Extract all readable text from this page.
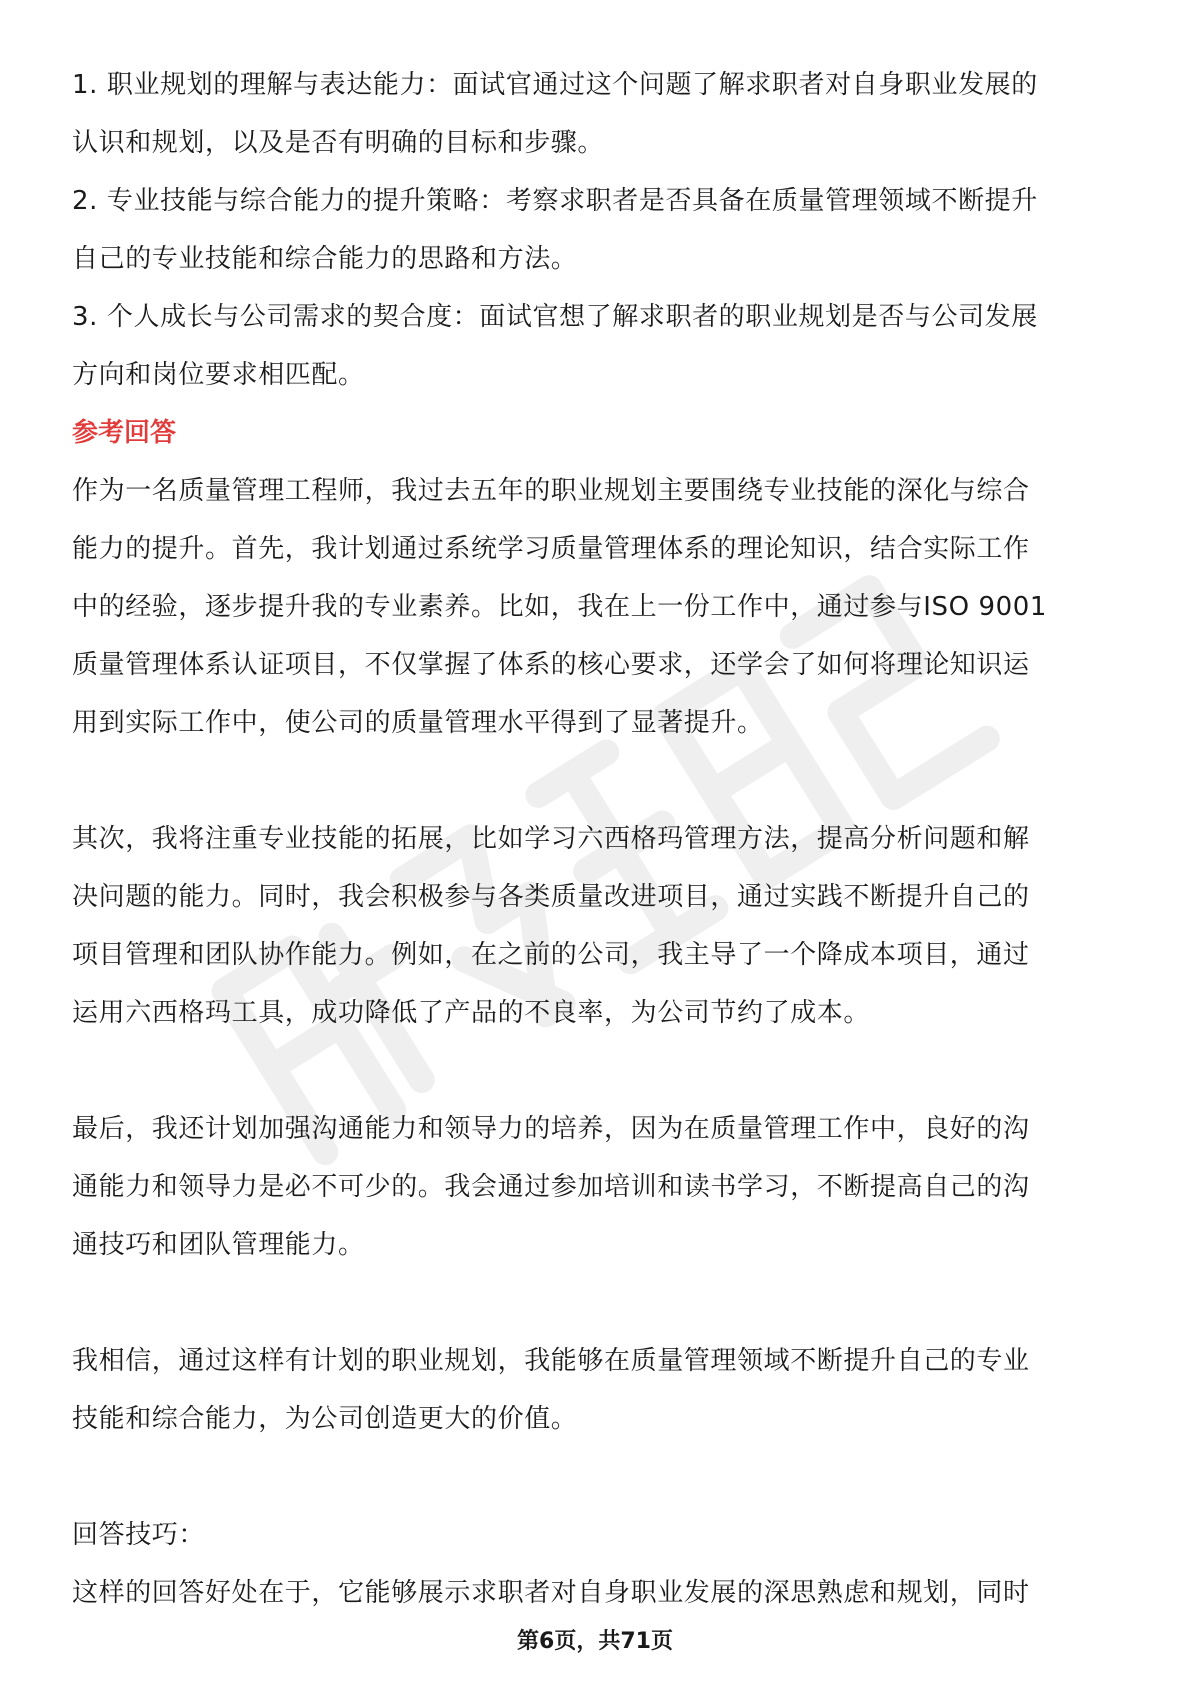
1. 职业规划的理解与表达能力：面试官通过这个问题了解求职者对自身职业发展的

认识和规划，以及是否有明确的目标和步骤。

2. 专业技能与综合能力的提升策略：考察求职者是否具备在质量管理领域不断提升

自己的专业技能和综合能力的思路和方法。

3. 个人成长与公司需求的契合度：面试官想了解求职者的职业规划是否与公司发展

方向和岗位要求相匹配。

参考回答

作为一名质量管理工程师，我过去五年的职业规划主要围绕专业技能的深化与综合

能力的提升。首先，我计划通过系统学习质量管理体系的理论知识，结合实际工作

中的经验，逐步提升我的专业素养。比如，我在上一份工作中，通过参与ISO 9001

质量管理体系认证项目，不仅掌握了体系的核心要求，还学会了如何将理论知识运

用到实际工作中，使公司的质量管理水平得到了显著提升。

其次，我将注重专业技能的拓展，比如学习六西格玛管理方法，提高分析问题和解

决问题的能力。同时，我会积极参与各类质量改进项目，通过实践不断提升自己的

项目管理和团队协作能力。例如，在之前的公司，我主导了一个降成本项目，通过

运用六西格玛工具，成功降低了产品的不良率，为公司节约了成本。

最后，我还计划加强沟通能力和领导力的培养，因为在质量管理工作中，良好的沟

通能力和领导力是必不可少的。我会通过参加培训和读书学习，不断提高自己的沟

通技巧和团队管理能力。

我相信，通过这样有计划的职业规划，我能够在质量管理领域不断提升自己的专业

技能和综合能力，为公司创造更大的价值。

回答技巧：

这样的回答好处在于，它能够展示求职者对自身职业发展的深思熟虑和规划，同时

第6页，共71页
